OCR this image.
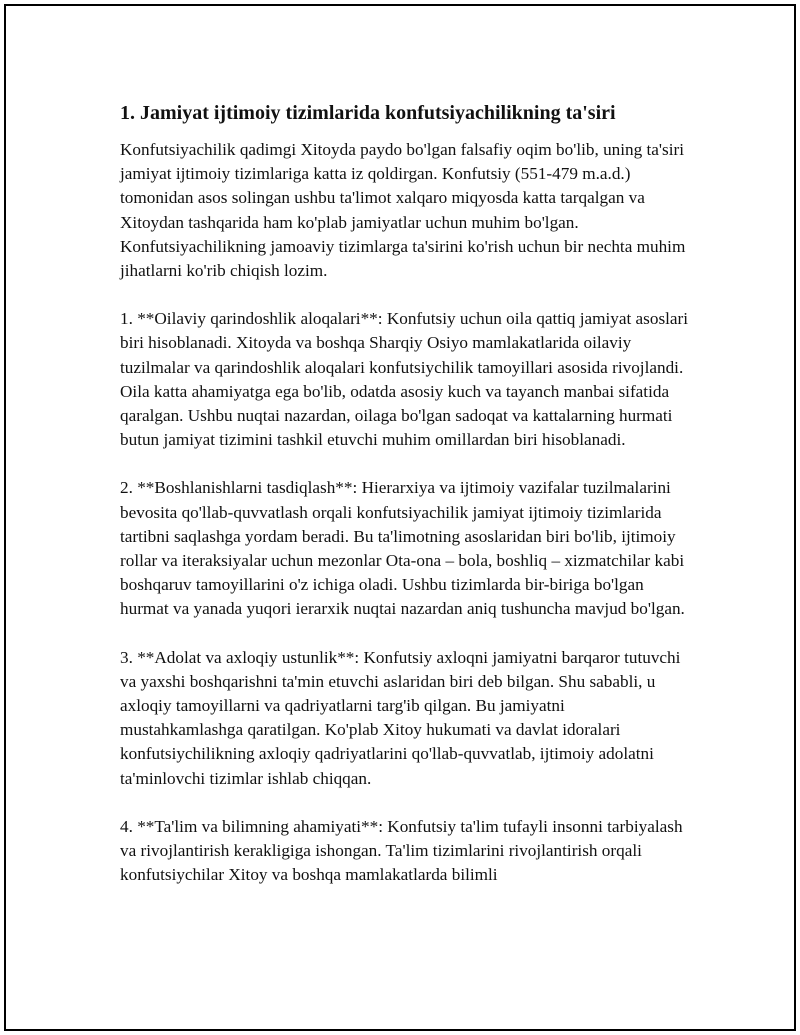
1. Jamiyat ijtimoiy tizimlarida konfutsiyachilikning ta'siri

Konfutsiyachilik qadimgi Xitoyda paydo bo'lgan falsafiy oqim bo'lib, uning ta'siri jamiyat ijtimoiy tizimlariga katta iz qoldirgan. Konfutsiy (551-479 m.a.d.) tomonidan asos solingan ushbu ta'limot xalqaro miqyosda katta tarqalgan va Xitoydan tashqarida ham ko'plab jamiyatlar uchun muhim bo'lgan. Konfutsiyachilikning jamoaviy tizimlarga ta'sirini ko'rish uchun bir nechta muhim jihatlarni ko'rib chiqish lozim.

1. **Oilaviy qarindoshlik aloqalari**: Konfutsiy uchun oila qattiq jamiyat asoslari biri hisoblanadi. Xitoyda va boshqa Sharqiy Osiyo mamlakatlarida oilaviy tuzilmalar va qarindoshlik aloqalari konfutsiychilik tamoyillari asosida rivojlandi. Oila katta ahamiyatga ega bo'lib, odatda asosiy kuch va tayanch manbai sifatida qaralgan. Ushbu nuqtai nazardan, oilaga bo'lgan sadoqat va kattalarning hurmati butun jamiyat tizimini tashkil etuvchi muhim omillardan biri hisoblanadi.

2. **Boshlanishlarni tasdiqlash**: Hierarxiya va ijtimoiy vazifalar tuzilmalarini bevosita qo'llab-quvvatlash orqali konfutsiyachilik jamiyat ijtimoiy tizimlarida tartibni saqlashga yordam beradi. Bu ta'limotning asoslaridan biri bo'lib, ijtimoiy rollar va iteraksiyalar uchun mezonlar Ota-ona – bola, boshliq – xizmatchilar kabi boshqaruv tamoyillarini o'z ichiga oladi. Ushbu tizimlarda bir-biriga bo'lgan hurmat va yanada yuqori ierarxik nuqtai nazardan aniq tushuncha mavjud bo'lgan.

3. **Adolat va axloqiy ustunlik**: Konfutsiy axloqni jamiyatni barqaror tutuvchi va yaxshi boshqarishni ta'min etuvchi aslaridan biri deb bilgan. Shu sababli, u axloqiy tamoyillarni va qadriyatlarni targ'ib qilgan. Bu jamiyatni mustahkamlashga qaratilgan. Ko'plab Xitoy hukumati va davlat idoralari konfutsiychilikning axloqiy qadriyatlarini qo'llab-quvvatlab, ijtimoiy adolatni ta'minlovchi tizimlar ishlab chiqqan.

4. **Ta'lim va bilimning ahamiyati**: Konfutsiy ta'lim tufayli insonni tarbiyalash va rivojlantirish kerakligiga ishongan. Ta'lim tizimlarini rivojlantirish orqali konfutsiychilar Xitoy va boshqa mamlakatlarda bilimli
